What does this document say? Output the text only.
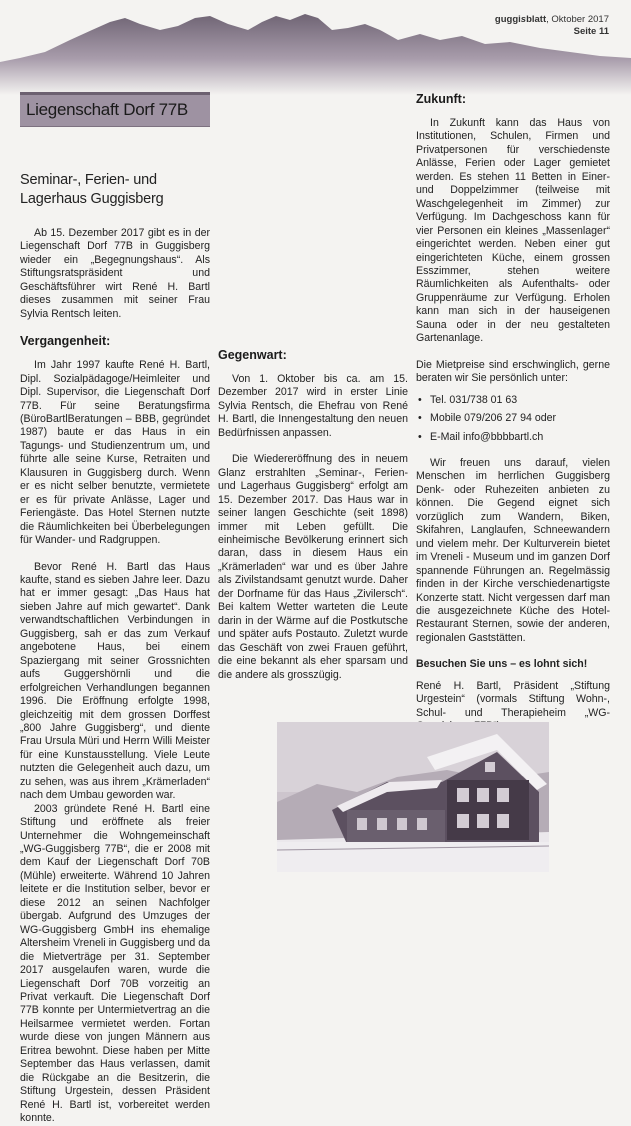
guggisblatt, Oktober 2017
Seite 11
Liegenschaft Dorf 77B
Seminar-, Ferien- und Lagerhaus Guggisberg

Ab 15. Dezember 2017 gibt es in der Liegenschaft Dorf 77B in Guggisberg wieder ein „Begegnungshaus“. Als Stiftungsratspräsident und Geschäftsführer wirt René H. Bartl dieses zusammen mit seiner Frau Sylvia Rentsch leiten.

Vergangenheit:

Im Jahr 1997 kaufte René H. Bartl, Dipl. Sozialpädagoge/Heimleiter und Dipl. Supervisor, die Liegenschaft Dorf 77B. Für seine Beratungsfirma (BüroBartlBeratungen – BBB, gegründet 1987) baute er das Haus in ein Tagungs- und Studienzentrum um, und führte alle seine Kurse, Retraiten und Klausuren in Guggisberg durch. Wenn er es nicht selber benutzte, vermietete er es für private Anlässe, Lager und Feriengäste. Das Hotel Sternen nutzte die Räumlichkeiten bei Überbelegungen für Wander- und Radgruppen.

Bevor René H. Bartl das Haus kaufte, stand es sieben Jahre leer. Dazu hat er immer gesagt: „Das Haus hat sieben Jahre auf mich gewartet“. Dank verwandtschaftlichen Verbindungen in Guggisberg, sah er das zum Verkauf angebotene Haus, bei einem Spaziergang mit seiner Grossnichten aufs Guggershörnli und die erfolgreichen Verhandlungen begannen 1996. Die Eröffnung erfolgte 1998, gleichzeitig mit dem grossen Dorffest „800 Jahre Guggisberg“, und diente Frau Ursula Müri und Herrn Willi Meister für eine Kunstausstellung. Viele Leute nutzten die Gelegenheit auch dazu, um zu sehen, was aus ihrem „Krämerladen“ nach dem Umbau geworden war.

2003 gründete René H. Bartl eine Stiftung und eröffnete als freier Unternehmer die Wohngemeinschaft „WG-Guggisberg 77B“, die er 2008 mit dem Kauf der Liegenschaft Dorf 70B (Mühle) erweiterte. Während 10 Jahren leitete er die Institution selber, bevor er diese 2012 an seinen Nachfolger übergab. Aufgrund des Umzuges der WG-Guggisberg GmbH ins ehemalige Altersheim Vreneli in Guggisberg und da die Mietverträge per 31. September 2017 ausgelaufen waren, wurde die Liegenschaft Dorf 70B vorzeitig an Privat verkauft. Die Liegenschaft Dorf 77B konnte per Untermietvertrag an die Heilsarmee vermietet werden. Fortan wurde diese von jungen Männern aus Eritrea bewohnt. Diese haben per Mitte September das Haus verlassen, damit die Rückgabe an die Besitzerin, die Stiftung Urgestein, dessen Präsident René H. Bartl ist, vorbereitet werden konnte.

Gegenwart:

Von 1. Oktober bis ca. am 15. Dezember 2017 wird in erster Linie Sylvia Rentsch, die Ehefrau von René H. Bartl, die Innengestaltung den neuen Bedürfnissen anpassen.

Die Wiedereröffnung des in neuem Glanz erstrahlten „Seminar-, Ferien- und Lagerhaus Guggisberg“ erfolgt am 15. Dezember 2017. Das Haus war in seiner langen Geschichte (seit 1898) immer mit Leben gefüllt. Die einheimische Bevölkerung erinnert sich daran, dass in diesem Haus ein „Krämerladen“ war und es über Jahre als Zivilstandsamt genutzt wurde. Daher der Dorfname für das Haus „Zivilersch“. Bei kaltem Wetter warteten die Leute darin in der Wärme auf die Postkutsche und später aufs Postauto. Zuletzt wurde das Geschäft von zwei Frauen geführt, die eine bekannt als eher sparsam und die andere als grosszügig.

Zukunft:

In Zukunft kann das Haus von Institutionen, Schulen, Firmen und Privatpersonen für verschiedenste Anlässe, Ferien oder Lager gemietet werden. Es stehen 11 Betten in Einer- und Doppelzimmer (teilweise mit Waschgelegenheit im Zimmer) zur Verfügung. Im Dachgeschoss kann für vier Personen ein kleines „Massenlager“ eingerichtet werden. Neben einer gut eingerichteten Küche, einem grossen Esszimmer, stehen weitere Räumlichkeiten als Aufenthalts- oder Gruppenräume zur Verfügung. Erholen kann man sich in der hauseigenen Sauna oder in der neu gestalteten Gartenanlage.

Die Mietpreise sind erschwinglich, gerne beraten wir Sie persönlich unter:

• Tel. 031/738 01 63
• Mobile 079/206 27 94 oder
• E-Mail info@bbbbartl.ch

Wir freuen uns darauf, vielen Menschen im herrlichen Guggisberg Denk- oder Ruhezeiten anbieten zu können. Die Gegend eignet sich vorzüglich zum Wandern, Biken, Skifahren, Langlaufen, Schneewandern und vielem mehr. Der Kulturverein bietet im Vreneli - Museum und im ganzen Dorf spannende Führungen an. Regelmässig finden in der Kirche verschiedenartigste Konzerte statt. Nicht vergessen darf man die ausgezeichnete Küche des Hotel-Restaurant Sternen, sowie der anderen, regionalen Gaststätten.

Besuchen Sie uns – es lohnt sich!

René H. Bartl, Präsident „Stiftung Urgestein“ (vormals Stiftung Wohn-, Schul- und Therapieheim „WG-
